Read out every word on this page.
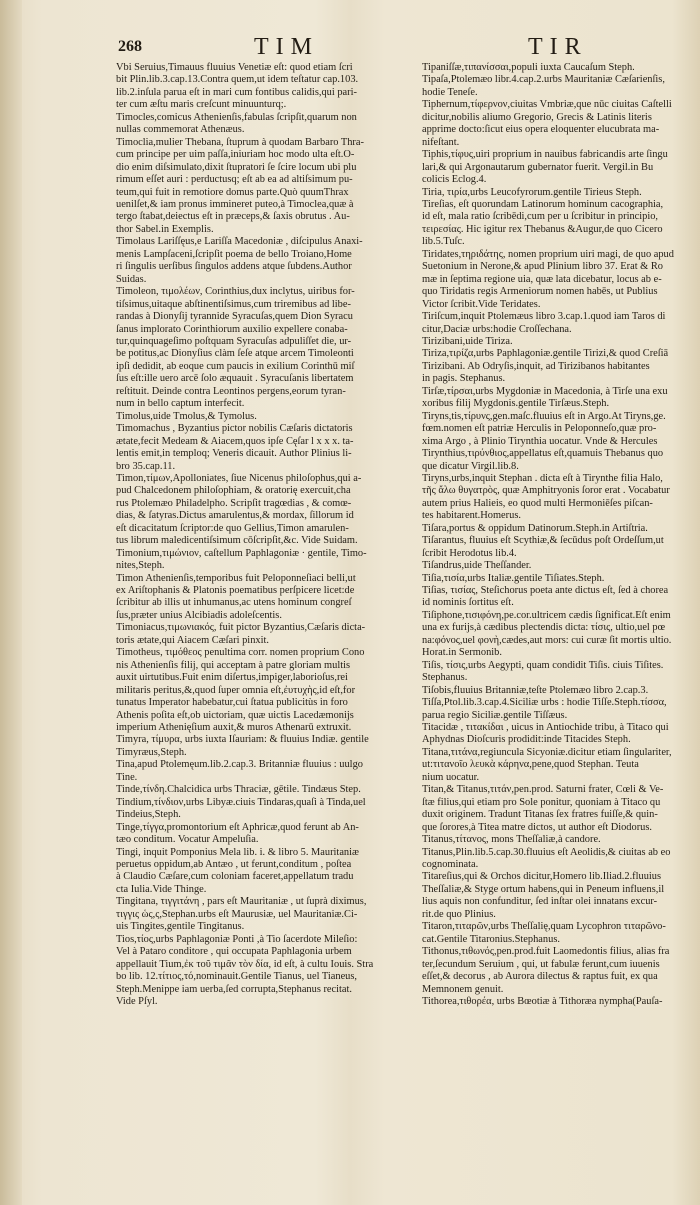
268	TIM	TIR
Vbi Seruius,Timauus fluuius Venetiæ eſt: quod etiam ſcri
bit Plin.lib.3.cap.13.Contra quem,ut idem teſtatur cap.103.
lib.2.inſula parua eſt in mari cum fontibus calidis,qui pari-
ter cum æſtu maris creſcunt minuunturq;.
Timocles,comicus Athenienſis,fabulas ſcripſit,quarum non
nullas commemorat Athenæus.
Timoclia,mulier Thebana, ſtuprum à quodam Barbaro Thra-
cum principe per uim paſſa,iniuriam hoc modo ulta eſt.O-
dio enim diſsimulato,dixit ſtupratori ſe ſcire locum ubi plu
rimum eſſet auri : perductusq; eſt ab ea ad altiſsimum pu-
teum,qui fuit in remotiore domus parte.Quò quumThrax
uenilſet,& iam pronus immineret puteo,à Timoclea,quæ à
tergo ſtabat,deiectus eſt in præceps,& ſaxis obrutus . Au-
thor Sabel.in Exemplis.
Timolaus Lariſſęus,e Lariſſa Macedoniæ , diſcipulus Anaxi-
menis Lampſaceni,ſcripſit poema de bello Troiano,Home
ri ſingulis uerſibus ſingulos addens atque ſubdens.Author
Suidas.
Timoleon, τιμολέων, Corinthius,dux inclytus, uiribus for-
tiſsimus,uitaque abſtinentiſsimus,cum triremibus ad libe-
randas à Dionyſij tyrannide Syracuſas,quem Dion Syracu
ſanus implorato Corinthiorum auxilio expellere conaba-
tur,quinquageſimo poſtquam Syracuſas adpuliſſet die, ur-
be potitus,ac Dionyſius clàm ſeſe atque arcem Timoleonti
ipſi dedidit, ab eoque cum paucis in exilium Corinthū miſ
ſus eſt:ille uero arcē ſolo æquauit . Syracuſanis libertatem
reſtituit. Deinde contra Leontinos pergens,eorum tyran-
num in bello captum interfecit.
Timolus,uide Tmolus,& Tymolus.
Timomachus , Byzantius pictor nobilis Cæſaris dictatoris
ætate,fecit Medeam & Aiacem,quos ipſe Cęſar l x x x. ta-
lentis emit,in temploq; Veneris dicauit. Author Plinius li-
bro 35.cap.11.
Timon,τίμων,Apolloniates, ſiue Nicenus philoſophus,qui a-
pud Chalcedonem philoſophiam, & oratorię exercuit,cha
rus Ptolemæo Philadelpho. Scripſit tragœdias , & comœ-
dias, & ſatyras.Dictus amarulentus,& mordax, ſillorum id
eſt dicacitatum ſcriptor:de quo Gellius,Timon amarulen-
tus librum maledicentiſsimum cōſcripſit,&c. Vide Suidam.
Timonium,τιμώνιον, caſtellum Paphlagoniæ · gentile, Timo-
nites,Steph.
Timon Athenienſis,temporibus fuit Peloponneſiaci belli,ut
ex Ariſtophanis & Platonis poematibus perſpicere licet:de
ſcribitur ab illis ut inhumanus,ac utens hominum congreſ
ſus,præter unius Alcibiadis adoleſcentis.
Timoniacus,τιμωνιακός, fuit pictor Byzantius,Cæſaris dicta-
toris ætate,qui Aiacem Cæſari pinxit.
Timotheus, τιμόθεος penultima corr. nomen proprium Cono
nis Athenienſis filij, qui acceptam à patre gloriam multis
auxit uirtutibus.Fuit enim diſertus,impiger,laborioſus,rei
militaris peritus,&,quod ſuper omnia eſt,ἐυτυχὴς,id eſt,for
tunatus Imperator habebatur,cui ſtatua publicitùs in foro
Athenis poſita eſt,ob uictoriam, quæ uictis Lacedæmonijs
imperium Athenięſium auxit,& muros Athenarū extruxit.
Timyra, τίμυρα, urbs iuxta Iſauriam: & fluuius Indiæ. gentile
Timyræus,Steph.
Tina,apud Ptolemęum.lib.2.cap.3. Britanniæ fluuius : uulgo
Tine.
Tinde,τίνδη.Chalcidica urbs Thraciæ, gētile. Tindæus Step.
Tindium,τίνδιον,urbs Libyæ.ciuis Tindaras,quaſi à Tinda,uel
Tindeius,Steph.
Tinge,τίγγα,promontorium eſt Aphricæ,quod ferunt ab An-
tæo conditum. Vocatur Ampeluſia.
Tingi, inquit Pomponius Mela lib. i. & libro 5. Mauritaniæ
peruetus oppidum,ab Antæo , ut ferunt,conditum , poſtea
à Claudio Cæſare,cum coloniam faceret,appellatum tradu
cta Iulia.Vide Thinge.
Tingitana, τιγγιτάνη , pars eſt Mauritaniæ , ut ſuprà diximus,
τιγγις ὡς,ς,Stephan.urbs eſt Maurusiæ, uel Mauritaniæ.Ci-
uis Tingites,gentile Tingitanus.
Tios,τίος,urbs Paphlagoniæ Ponti ,à Tio ſacerdote Mileſio:
Vel à Pataro conditore , qui occupata Paphlagonia urbem
appellauit Tium,ἐκ τοῦ τιμᾶν τὸν δία, id eſt, à cultu Iouis. Stra
bo lib. 12.τίτιος,τό,nominauit.Gentile Tianus, uel Tianeus,
Steph.Menippe iam uerba,ſed corrupta,Stephanus recitat.
Vide Pſyl.
Tipaniſſæ,τιπανίσσαι,populi iuxta Caucaſum Steph.
Tipaſa,Ptolemæo libr.4.cap.2.urbs Mauritaniæ Cæſarienſis,
hodie Teneſe.
Tiphernum,τίφερνον,ciuitas Vmbriæ,que nūc ciuitas Caſtelli
dicitur,nobilis aliumo Gregorio, Grecis & Latinis literis
apprime docto:ſicut eius opera eloquenter elucubrata ma-
nifeſtant.
Tiphis,τίφυς,uiri proprium in nauibus fabricandis arte ſingu
lari,& qui Argonautarum gubernator fuerit. Vergil.in Bu
colicis Eclog.4.
Tiria, τιρία,urbs Leucofyrorum.gentile Tirieus Steph.
Tireſias, eſt quorundam Latinorum hominum cacographia,
id eſt, mala ratio ſcribēdi,cum per u ſcribitur in principio,
τειρεσίας. Hic igitur rex Thebanus &Augur,de quo Cicero
lib.5.Tuſc.
Tiridates,τηριδάτης, nomen proprium uiri magi, de quo apud
Suetonium in Nerone,& apud Plinium libro 37. Erat & Ro
mæ in ſeptima regione uia, quæ lata dicebatur, locus ab e-
quo Tiridatis regis Armeniorum nomen habēs, ut Publius
Victor ſcribit.Vide Teridates.
Tiriſcum,inquit Ptolemæus libro 3.cap.1.quod iam Taros di
citur,Daciæ urbs:hodie Croſſechana.
Tirizibani,uide Tiriza.
Tiriza,τιρίζα,urbs Paphlagoniæ.gentile Tirizi,& quod Creſiā
Tirizibani. Ab Odryſis,inquit, ad Tirizibanos habitantes
in pagis. Stephanus.
Tirſæ,τίρσαι,urbs Mygdoniæ in Macedonia, à Tirſe una exu
xoribus filij Mygdonis.gentile Tirſæus.Steph.
Tiryns,tis,τίρυνς,gen.maſc.fluuius eſt in Argo.At Tiryns,ge.
fœm.nomen eſt patriæ Herculis in Peloponneſo,quæ pro-
xima Argo , à Plinio Tirynthia uocatur. Vnde & Hercules
Tirynthius,τιρύνθιος,appellatus eſt,quamuis Thebanus quo
que dicatur Virgil.lib.8.
Tiryns,urbs,inquit Stephan . dicta eſt à Tirynthe filia Halo,
τῆς ἄλω θυγατρὸς, quæ Amphitryonis ſoror erat . Vocabatur
autem prius Halieis, eo quod multi Hermoniēſes piſcan-
tes habitarent.Homerus.
Tiſara,portus & oppidum Datinorum.Steph.in Artiſtria.
Tiſarantus, fluuius eſt Scythiæ,& ſecūdus poſt Ordeſſum,ut
ſcribit Herodotus lib.4.
Tiſandrus,uide Theſſander.
Tiſia,τισία,urbs Italiæ.gentile Tiſiates.Steph.
Tiſias, τισίας, Steſichorus poeta ante dictus eſt, ſed à chorea
id nominis ſortitus eſt.
Tiſiphone,τισιφόνη,pe.cor.ultricem cædis ſignificat.Eſt enim
una ex furijs,à cædibus plectendis dicta: τίσις, ultio,uel pœ
na:φόνος,uel φονὴ,cædes,aut mors: cui curæ ſit mortis ultio.
Horat.in Sermonib.
Tiſis, τίσις,urbs Aegypti, quam condidit Tiſis. ciuis Tiſites.
Stephanus.
Tiſobis,fluuius Britanniæ,teſte Ptolemæo libro 2.cap.3.
Tiſſa,Ptol.lib.3.cap.4.Siciliæ urbs : hodie Tiſſe.Steph.τίσσα,
parua regio Siciliæ.gentile Tiſſæus.
Titacidæ , τιτακίδαι , uicus in Antiochide tribu, à Titaco qui
Aphydnas Dioſcuris prodidit:inde Titacides Steph.
Titana,τιτάνα,regiuncula Sicyoniæ.dicitur etiam ſingulariter,
ut:τιτανοῖο λευκὰ κάρηνα,pene,quod Stephan. Teuta
nium uocatur.
Titan,& Titanus,τιτάν,pen.prod. Saturni frater, Cœli & Ve-
ſtæ filius,qui etiam pro Sole ponitur, quoniam à Titaco qu
duxit originem. Tradunt Titanas ſex fratres fuiſſe,& quin-
que ſorores,à Titea matre dictos, ut author eſt Diodorus.
Titanus,τίτανος, mons Theſſaliæ,à candore.
Titanus,Plin.lib.5.cap.30.fluuius eſt Aeolidis,& ciuitas ab eo
cognominata.
Titareſius,qui & Orchos dicitur,Homero lib.Iliad.2.fluuius
Theſſaliæ,& Styge ortum habens,qui in Peneum influens,il
lius aquis non confunditur, ſed inſtar olei innatans excur-
rit.de quo Plinius.
Titaron,τιταρῶν,urbs Theſſalię,quam Lycophron τιταρῶνo-
cat.Gentile Titaronius.Stephanus.
Tithonus,τιθωνός,pen.prod.fuit Laomedontis filius, alias fra
ter,ſecundum Seruium , qui, ut fabulæ ferunt,cum iuuenis
eſſet,& decorus , ab Aurora dilectus & raptus fuit, ex qua
Memnonem genuit.
Tithorea,τιθορέα, urbs Bœotiæ à Tithoræa nympha(Pauſa-
